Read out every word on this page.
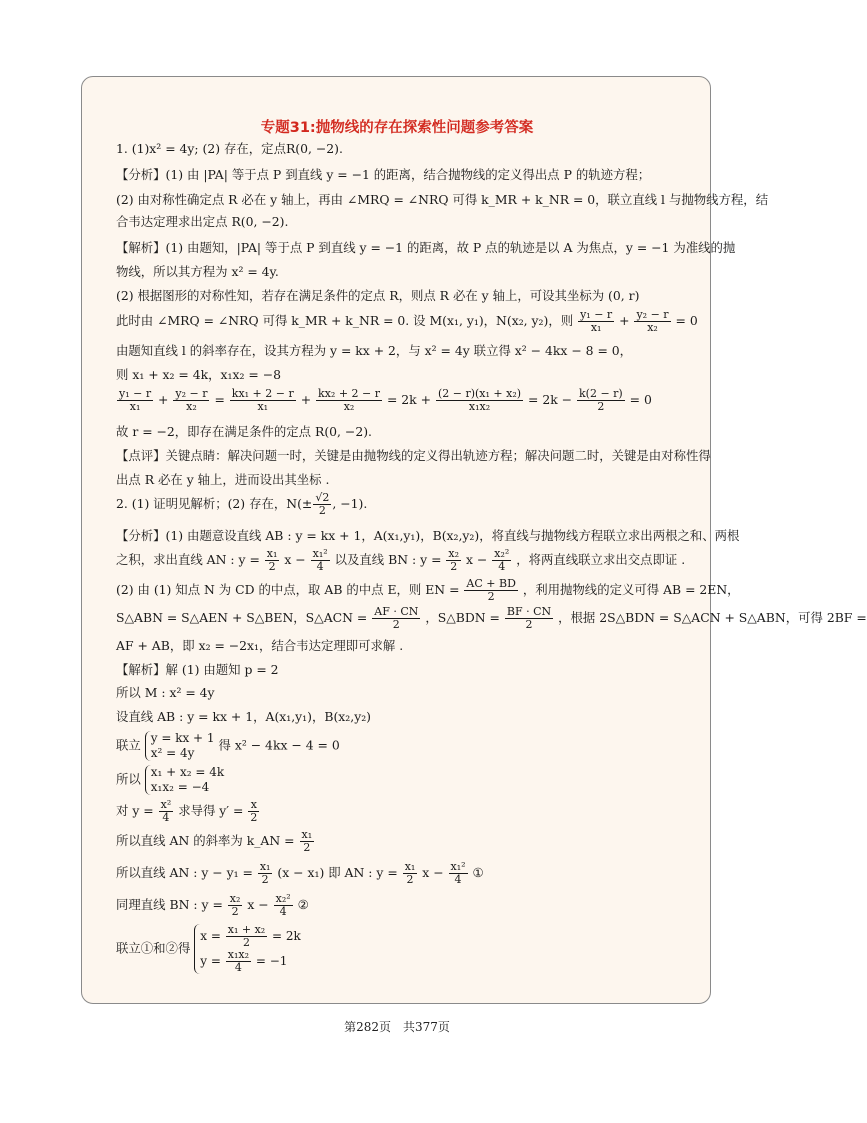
专题31:抛物线的存在探索性问题参考答案

1. (1)x² = 4y; (2) 存在，定点R(0, −2).

【分析】(1) 由 |PA| 等于点 P 到直线 y = −1 的距离，结合抛物线的定义得出点 P 的轨迹方程；

(2) 由对称性确定点 R 必在 y 轴上，再由 ∠MRQ = ∠NRQ 可得 k_MR + k_NR = 0，联立直线 l 与抛物线方程，结

合韦达定理求出定点 R(0, −2).

【解析】(1) 由题知，|PA| 等于点 P 到直线 y = −1 的距离，故 P 点的轨迹是以 A 为焦点，y = −1 为准线的抛

物线，所以其方程为 x² = 4y.

(2) 根据图形的对称性知，若存在满足条件的定点 R，则点 R 必在 y 轴上，可设其坐标为 (0, r)

此时由 ∠MRQ = ∠NRQ 可得 k_MR + k_NR = 0. 设 M(x₁, y₁)，N(x₂, y₂)，则 $\frac{\text{y₁ − r}}{\text{x₁}} + \frac{\text{y₂ − r}}{\text{x₂}} = 0$

由题知直线 l 的斜率存在，设其方程为 y = kx + 2，与 x² = 4y 联立得 x² − 4kx − 8 = 0，

则 x₁ + x₂ = 4k，x₁x₂ = −8

$\frac{\text{y₁ − r}}{\text{x₁}} + \frac{\text{y₂ − r}}{\text{x₂}} = \frac{\text{kx₁ + 2 − r}}{\text{x₁}} + \frac{\text{kx₂ + 2 − r}}{\text{x₂}} = 2k + \frac{\text{(2 − r)(x₁ + x₂)}}{\text{x₁x₂}} = 2k - \frac{k(2 - r)}{2} = 0$

故 r = −2，即存在满足条件的定点 R(0, −2).

【点评】关键点睛：解决问题一时，关键是由抛物线的定义得出轨迹方程；解决问题二时，关键是由对称性得

出点 R 必在 y 轴上，进而设出其坐标 .

2. (1) 证明见解析；(2) 存在，$N(\pm \frac{√2}{2}$ , −1).

【分析】(1) 由题意设直线 AB : y = kx + 1，A(x₁,y₁)，B(x₂,y₂)，将直线与抛物线方程联立求出两根之和、两根

之积，求出直线 AN : $y = \frac{\text{x₁}}{2}$ $x - \frac{\text{x₁²}}{4}$ 以及直线 BN : $y = \frac{\text{x₂}}{2}$ $x - \frac{\text{x₂²}}{4}$ ，将两直线联立求出交点即证 .

(2) 由 (1) 知点 N 为 CD 的中点，取 AB 的中点 E，则 EN = $\frac{AC + BD}{2}$ ，利用抛物线的定义可得 AB = 2EN，

S△ABN = S△AEN + S△BEN，S△ACN = $\frac{AF \cdot CN}{2}$ ，S△BDN = $\frac{BF \cdot CN}{2}$ ，根据 2S△BDN = S△ACN + S△ABN，可得 2BF =

AF + AB，即 x₂ = −2x₁，结合韦达定理即可求解 .

【解析】解 (1) 由题知 p = 2

所以 M : x² = 4y

设直线 AB : y = kx + 1，A(x₁,y₁)，B(x₂,y₂)

联立 y = kx + 1
x² = 4y
得 x² − 4kx − 4 = 0

所以 x₁ + x₂ = 4k
x₁x₂ = −4

对 $y = \frac{\text{x²}}{4}$ 求导得 $y' = \frac{x}{2}$

所以直线 AN 的斜率为 k_AN = $\frac{\text{x₁}}{2}$

所以直线 AN : $y - y_1 = \frac{\text{x₁}}{2} (x - x_1)$ 即 AN : $y = \frac{\text{x₁}}{2}$ $x - \frac{\text{x₁²}}{4}$ ①

同理直线 BN : $y = \frac{\text{x₂}}{2}$ $x - \frac{\text{x₂²}}{4}$ ②

联立①和②得
$x = \frac{\text{x₁ + x₂}}{2} = 2k$
$y = \frac{\text{x₁x₂}}{4} = -1$

第282页　共377页
